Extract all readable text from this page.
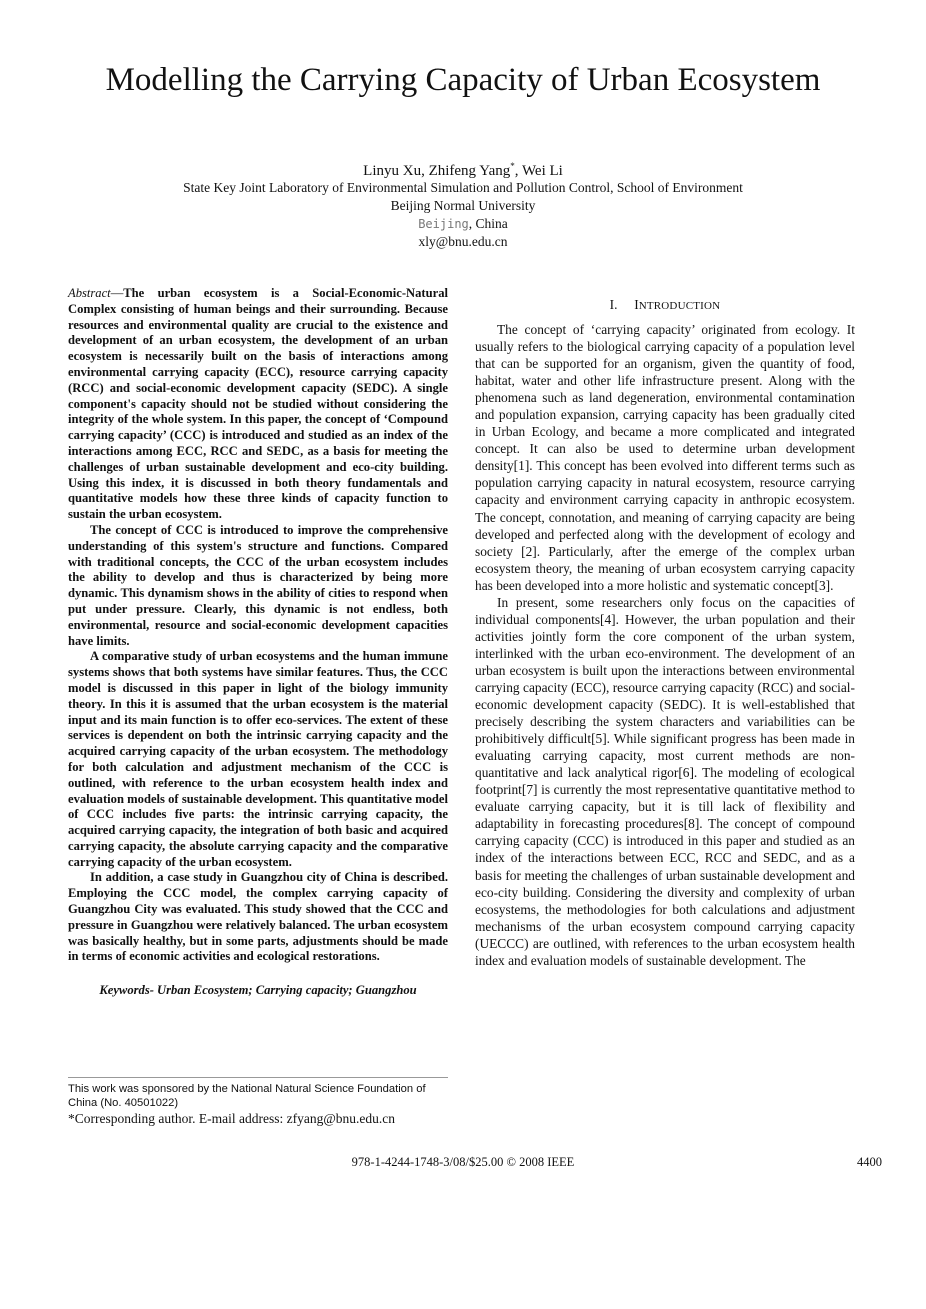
Modelling the Carrying Capacity of Urban Ecosystem
Linyu Xu, Zhifeng Yang*, Wei Li
State Key Joint Laboratory of Environmental Simulation and Pollution Control, School of Environment
Beijing Normal University
Beijing, China
xly@bnu.edu.cn

Abstract—The urban ecosystem is a Social-Economic-Natural Complex consisting of human beings and their surrounding. Because resources and environmental quality are crucial to the existence and development of an urban ecosystem, the development of an urban ecosystem is necessarily built on the basis of interactions among environmental carrying capacity (ECC), resource carrying capacity (RCC) and social-economic development capacity (SEDC). A single component's capacity should not be studied without considering the integrity of the whole system. In this paper, the concept of ‘Compound carrying capacity’ (CCC) is introduced and studied as an index of the interactions among ECC, RCC and SEDC, as a basis for meeting the challenges of urban sustainable development and eco-city building. Using this index, it is discussed in both theory fundamentals and quantitative models how these three kinds of capacity function to sustain the urban ecosystem.

The concept of CCC is introduced to improve the comprehensive understanding of this system's structure and functions. Compared with traditional concepts, the CCC of the urban ecosystem includes the ability to develop and thus is characterized by being more dynamic. This dynamism shows in the ability of cities to respond when put under pressure. Clearly, this dynamic is not endless, both environmental, resource and social-economic development capacities have limits.

A comparative study of urban ecosystems and the human immune systems shows that both systems have similar features. Thus, the CCC model is discussed in this paper in light of the biology immunity theory. In this it is assumed that the urban ecosystem is the material input and its main function is to offer eco-services. The extent of these services is dependent on both the intrinsic carrying capacity and the acquired carrying capacity of the urban ecosystem. The methodology for both calculation and adjustment mechanism of the CCC is outlined, with reference to the urban ecosystem health index and evaluation models of sustainable development. This quantitative model of CCC includes five parts: the intrinsic carrying capacity, the acquired carrying capacity, the integration of both basic and acquired carrying capacity, the absolute carrying capacity and the comparative carrying capacity of the urban ecosystem.

In addition, a case study in Guangzhou city of China is described. Employing the CCC model, the complex carrying capacity of Guangzhou City was evaluated. This study showed that the CCC and pressure in Guangzhou were relatively balanced. The urban ecosystem was basically healthy, but in some parts, adjustments should be made in terms of economic activities and ecological restorations.

Keywords- Urban Ecosystem; Carrying capacity; Guangzhou

I. INTRODUCTION

The concept of ‘carrying capacity’ originated from ecology. It usually refers to the biological carrying capacity of a population level that can be supported for an organism, given the quantity of food, habitat, water and other life infrastructure present. Along with the phenomena such as land degeneration, environmental contamination and population expansion, carrying capacity has been gradually cited in Urban Ecology, and became a more complicated and integrated concept. It can also be used to determine urban development density[1]. This concept has been evolved into different terms such as population carrying capacity in natural ecosystem, resource carrying capacity and environment carrying capacity in anthropic ecosystem. The concept, connotation, and meaning of carrying capacity are being developed and perfected along with the development of ecology and society [2]. Particularly, after the emerge of the complex urban ecosystem theory, the meaning of urban ecosystem carrying capacity has been developed into a more holistic and systematic concept[3].

In present, some researchers only focus on the capacities of individual components[4]. However, the urban population and their activities jointly form the core component of the urban system, interlinked with the urban eco-environment. The development of an urban ecosystem is built upon the interactions between environmental carrying capacity (ECC), resource carrying capacity (RCC) and social-economic development capacity (SEDC). It is well-established that precisely describing the system characters and variabilities can be prohibitively difficult[5]. While significant progress has been made in evaluating carrying capacity, most current methods are non-quantitative and lack analytical rigor[6]. The modeling of ecological footprint[7] is currently the most representative quantitative method to evaluate carrying capacity, but it is till lack of flexibility and adaptability in forecasting procedures[8]. The concept of compound carrying capacity (CCC) is introduced in this paper and studied as an index of the interactions between ECC, RCC and SEDC, and as a basis for meeting the challenges of urban sustainable development and eco-city building. Considering the diversity and complexity of urban ecosystems, the methodologies for both calculations and adjustment mechanisms of the urban ecosystem compound carrying capacity (UECCC) are outlined, with references to the urban ecosystem health index and evaluation models of sustainable development. The

This work was sponsored by the National Natural Science Foundation of China (No. 40501022)
*Corresponding author. E-mail address: zfyang@bnu.edu.cn
978-1-4244-1748-3/08/$25.00 © 2008 IEEE	4400
